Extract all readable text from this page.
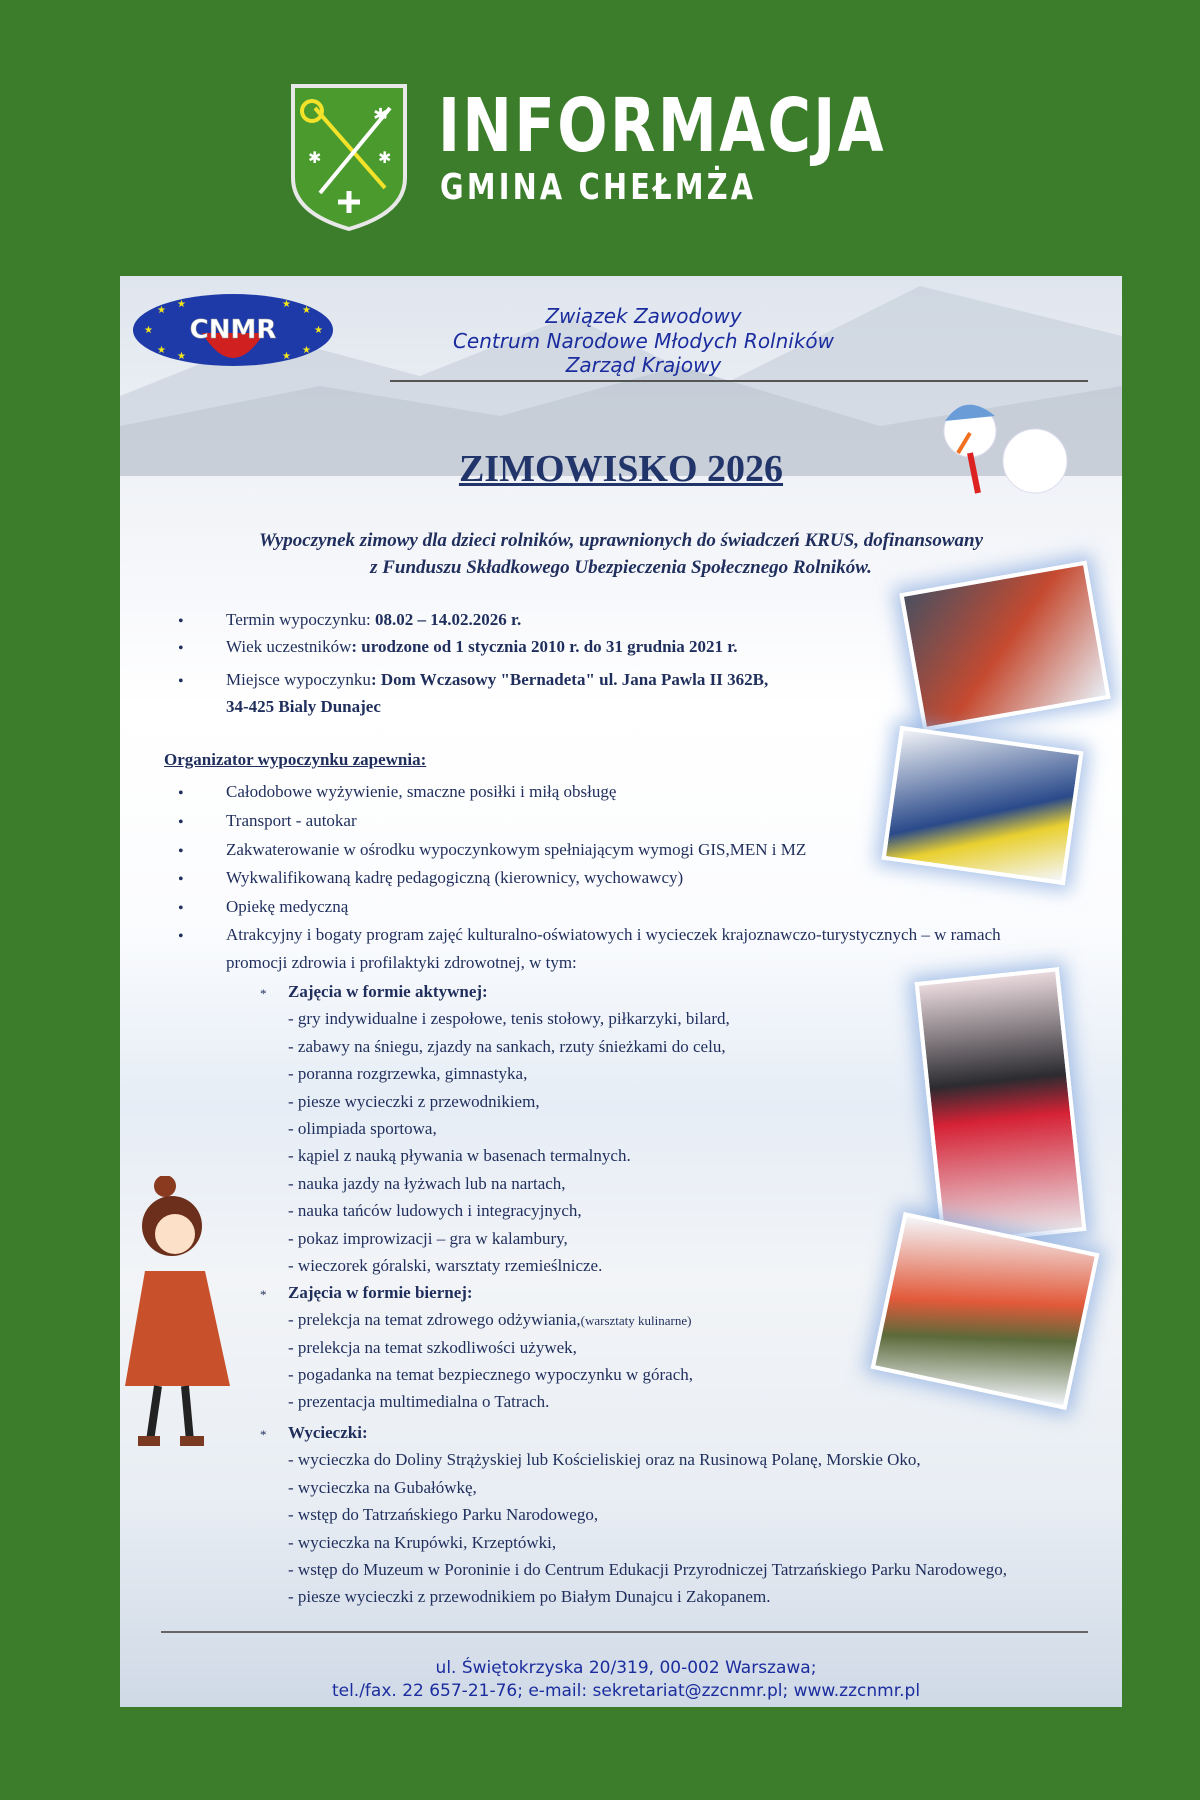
✱
✱	✱ INFORMACJA
GMINA CHEŁMŻA
CNMR
★
★
★
★
★
★
★
★
★
★
Związek Zawodowy
Centrum Narodowe Młodych Rolników
Zarząd Krajowy
ZIMOWISKO 2026
Wypoczynek zimowy dla dzieci rolników, uprawnionych do świadczeń KRUS, dofinansowany
z Funduszu Składkowego Ubezpieczenia Społecznego Rolników.
• Termin wypoczynku: 08.02 – 14.02.2026 r.
• Wiek uczestników: urodzone od 1 stycznia 2010 r. do 31 grudnia 2021 r.
• Miejsce wypoczynku: Dom Wczasowy "Bernadeta" ul. Jana Pawla II 362B,
34-425 Bialy Dunajec
Organizator wypoczynku zapewnia:
• Całodobowe wyżywienie, smaczne posiłki i miłą obsługę
• Transport - autokar
• Zakwaterowanie w ośrodku wypoczynkowym spełniającym wymogi GIS,MEN i MZ
• Wykwalifikowaną kadrę pedagogiczną (kierownicy, wychowawcy)
• Opiekę medyczną
• Atrakcyjny i bogaty program zajęć kulturalno-oświatowych i wycieczek krajoznawczo-turystycznych – w ramach
promocji zdrowia i profilaktyki zdrowotnej, w tym:
* Zajęcia w formie aktywnej:
- gry indywidualne i zespołowe, tenis stołowy, piłkarzyki, bilard,
- zabawy na śniegu, zjazdy na sankach, rzuty śnieżkami do celu,
- poranna rozgrzewka, gimnastyka,
- piesze wycieczki z przewodnikiem,
- olimpiada sportowa,
- kąpiel z nauką pływania w basenach termalnych.
- nauka jazdy na łyżwach lub na nartach,
- nauka tańców ludowych i integracyjnych,
- pokaz improwizacji – gra w kalambury,
- wieczorek góralski, warsztaty rzemieślnicze.
* Zajęcia w formie biernej:
- prelekcja na temat zdrowego odżywiania,(warsztaty kulinarne)
- prelekcja na temat szkodliwości używek,
- pogadanka na temat bezpiecznego wypoczynku w górach,
- prezentacja multimedialna o Tatrach.
* Wycieczki:
- wycieczka do Doliny Strążyskiej lub Kościeliskiej oraz na Rusinową Polanę, Morskie Oko,
- wycieczka na Gubałówkę,
- wstęp do Tatrzańskiego Parku Narodowego,
- wycieczka na Krupówki, Krzeptówki,
- wstęp do Muzeum w Poroninie i do Centrum Edukacji Przyrodniczej Tatrzańskiego Parku Narodowego,
- piesze wycieczki z przewodnikiem po Białym Dunajcu i Zakopanem.
ul. Świętokrzyska 20/319, 00-002 Warszawa;
tel./fax. 22 657-21-76; e-mail: sekretariat@zzcnmr.pl; www.zzcnmr.pl
